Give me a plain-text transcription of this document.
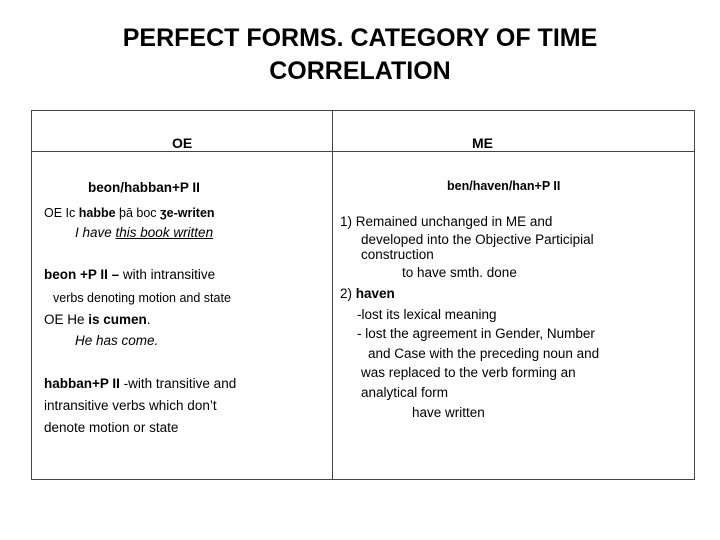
PERFECT FORMS. CATEGORY OF TIME
CORRELATION
OE	ME
beon/habban+P II
OE Ic habbe þā boc ʒe-writen
I have this book written
beon +P II – with intransitive
verbs denoting motion and state
OE He is cumen.
He has come.
habban+P II -with transitive and
intransitive verbs which don’t
denote motion or state
ben/haven/han+P II
1) Remained unchanged in ME and
developed into the Objective Participial
construction
to have smth. done
2) haven
-lost its lexical meaning
- lost the agreement in Gender, Number
and Case with the preceding noun and
was replaced to the verb forming an
analytical form
have written
